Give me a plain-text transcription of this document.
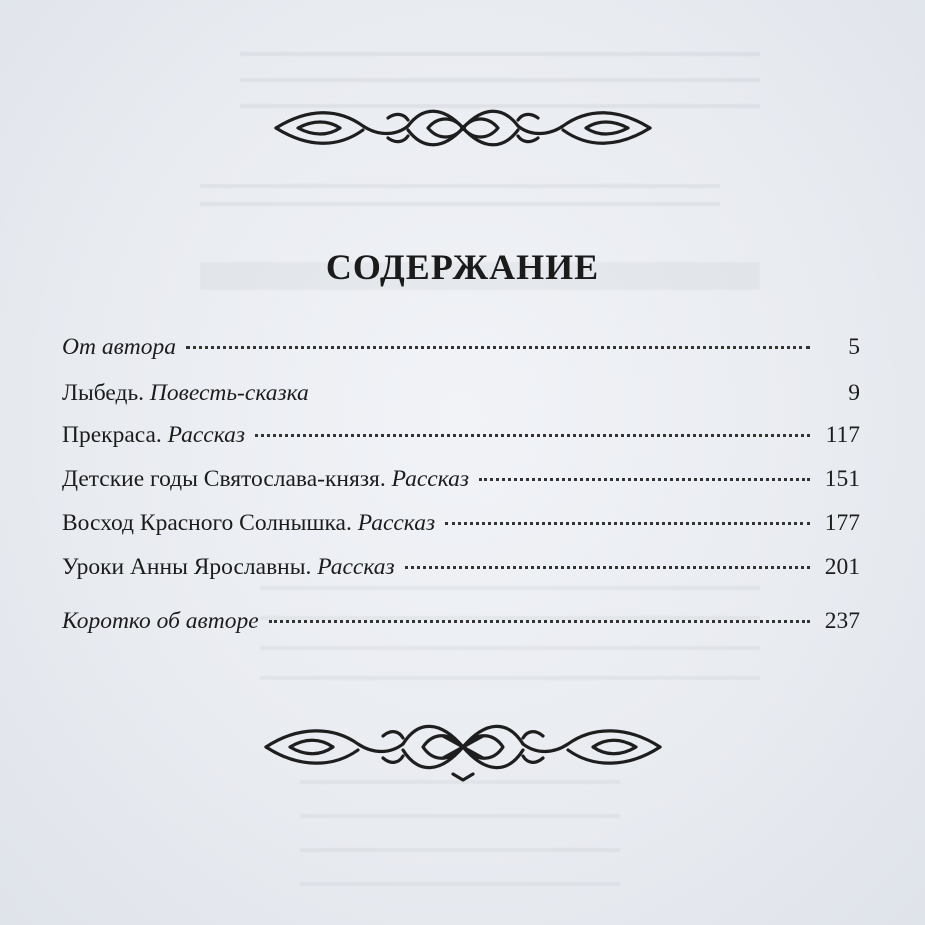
СОДЕРЖАНИЕ
От автора	5
Лыбедь. Повесть-сказка	9
Прекраса. Рассказ	117
Детские годы Святослава-князя. Рассказ	151
Восход Красного Солнышка. Рассказ	177
Уроки Анны Ярославны. Рассказ	201
Коротко об авторе	237
